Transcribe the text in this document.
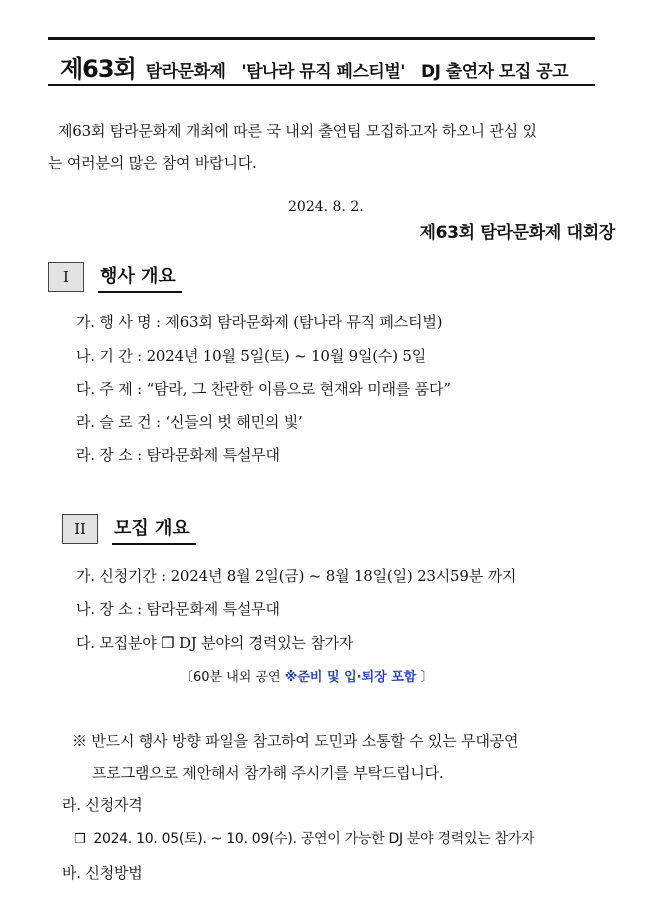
제63회 탐라문화제 '탐나라 뮤직 페스티벌' DJ 출연자 모집 공고
제63회 탐라문화제 개최에 따른 국 내외 출연팀 모집하고자 하오니 관심 있
는 여러분의 많은 참여 바랍니다.
2024. 8. 2.
제63회 탐라문화제 대회장
I	행사 개요
가. 행 사 명 : 제63회 탐라문화제 (탐나라 뮤직 페스티벌)
나. 기 간 : 2024년 10월 5일(토) ~ 10월 9일(수) 5일
다. 주 제 : “탐라, 그 찬란한 이름으로 현재와 미래를 품다”
라. 슬 로 건 : ‘신들의 벗 해민의 빛’
라. 장 소 : 탐라문화제 특설무대
II	모집 개요
가. 신청기간 : 2024년 8월 2일(금) ~ 8월 18일(일) 23시59분 까지
나. 장 소 : 탐라문화제 특설무대
다. 모집분야 ❒ DJ 분야의 경력있는 참가자
〔60분 내외 공연 ※준비 및 입·퇴장 포함 〕
※ 반드시 행사 방향 파일을 참고하여 도민과 소통할 수 있는 무대공연
프로그램으로 제안해서 참가해 주시기를 부탁드립니다.
라. 신청자격
❒ 2024. 10. 05(토). ~ 10. 09(수). 공연이 가능한 DJ 분야 경력있는 참가자
바. 신청방법
